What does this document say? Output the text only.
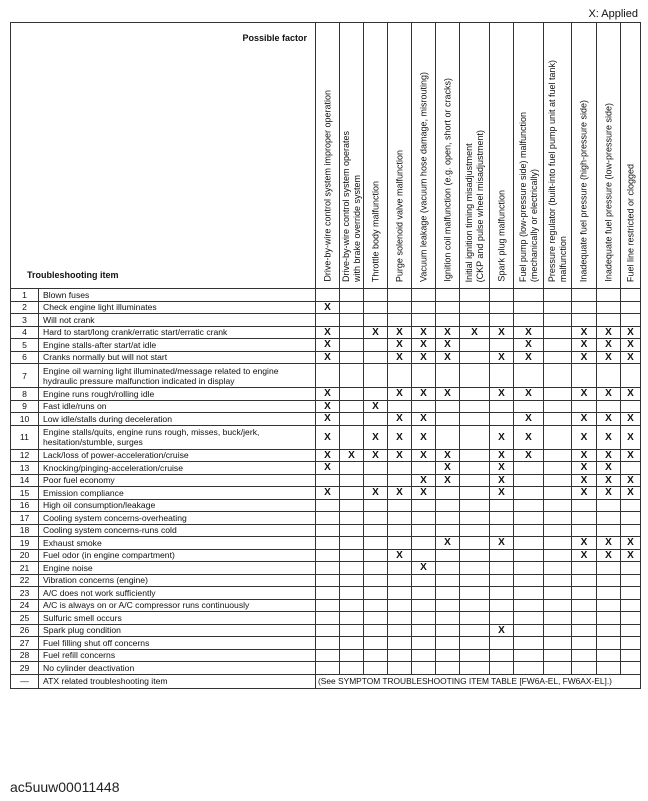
X: Applied
Possible factor
Troubleshooting item		Drive-by-wire control system improper operation	Drive-by-wire control system operates
with brake override system	Throttle body malfunction	Purge solenoid valve malfunction	Vacuum leakage (vacuum hose damage, misrouting)	Ignition coil malfunction (e.g. open, short or cracks)	Initial ignition timing misadjustment
(CKP and pulse wheel misadjustment)	Spark plug malfunction	Fuel pump (low-pressure side) malfunction
(mechanically or electrically)	Pressure regulator (built-into fuel pump unit at fuel tank)
malfunction	Inadequate fuel pressure (high-pressure side)	Inadequate fuel pressure (low-pressure side)	Fuel line restricted or clogged

1	Blown fuses													
2	Check engine light illuminates	X												
3	Will not crank													
4	Hard to start/long crank/erratic start/erratic crank	X		X	X	X	X	X	X	X		X	X	X
5	Engine stalls-after start/at idle	X			X	X	X			X		X	X	X
6	Cranks normally but will not start	X			X	X	X		X	X		X	X	X
7	Engine oil warning light illuminated/message related to engine hydraulic pressure malfunction indicated in display													
8	Engine runs rough/rolling idle	X			X	X	X		X	X		X	X	X
9	Fast idle/runs on	X		X										
10	Low idle/stalls during deceleration	X			X	X				X		X	X	X
11	Engine stalls/quits, engine runs rough, misses, buck/jerk, hesitation/stumble, surges	X		X	X	X			X	X		X	X	X
12	Lack/loss of power-acceleration/cruise	X	X	X	X	X	X		X	X		X	X	X
13	Knocking/pinging-acceleration/cruise	X					X		X			X	X	
14	Poor fuel economy					X	X		X			X	X	X
15	Emission compliance	X		X	X	X			X			X	X	X
16	High oil consumption/leakage													
17	Cooling system concerns-overheating													
18	Cooling system concerns-runs cold													
19	Exhaust smoke						X		X			X	X	X
20	Fuel odor (in engine compartment)				X							X	X	X
21	Engine noise					X								
22	Vibration concerns (engine)													
23	A/C does not work sufficiently													
24	A/C is always on or A/C compressor runs continuously													
25	Sulfuric smell occurs													
26	Spark plug condition								X					
27	Fuel filling shut off concerns													
28	Fuel refill concerns													
29	No cylinder deactivation													
—	ATX related troubleshooting item	(See SYMPTOM TROUBLESHOOTING ITEM TABLE [FW6A-EL, FW6AX-EL].)												
ac5uuw00011448
